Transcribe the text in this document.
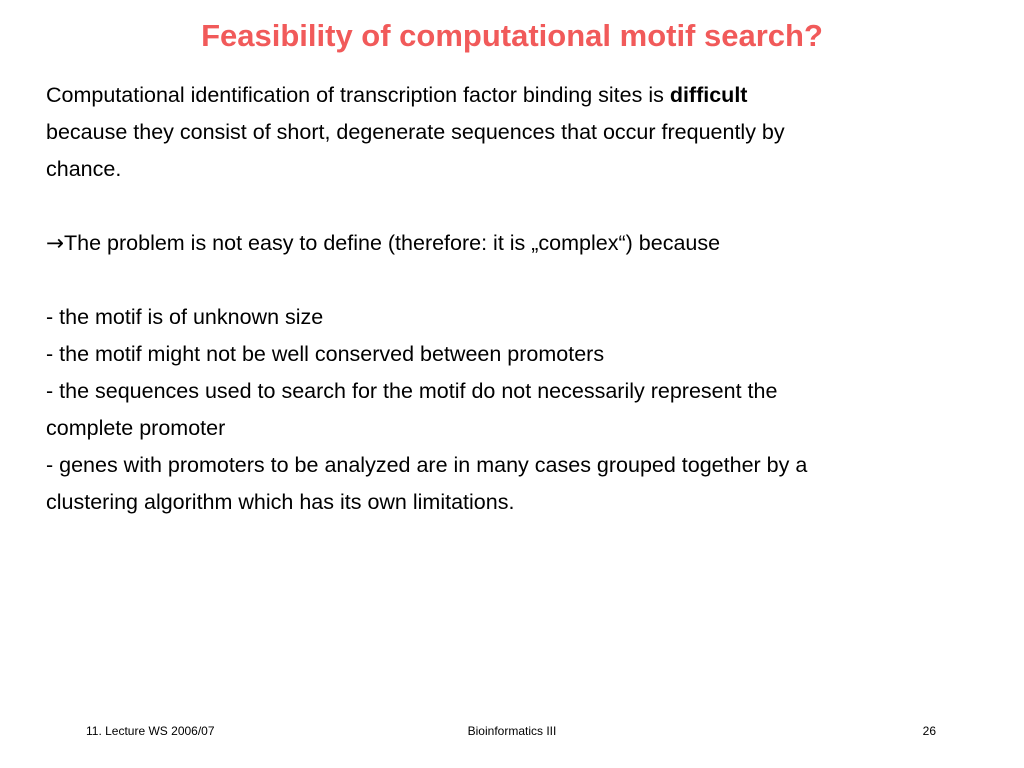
Feasibility of computational motif search?
Computational identification of transcription factor binding sites is difficult
because they consist of short, degenerate sequences that occur frequently by
chance.
→The problem is not easy to define (therefore: it is „complex“) because
- the motif is of unknown size
- the motif might not be well conserved between promoters
- the sequences used to search for the motif do not necessarily represent the
complete promoter
- genes with promoters to be analyzed are in many cases grouped together by a
clustering algorithm which has its own limitations.
11. Lecture WS 2006/07	Bioinformatics III	26
